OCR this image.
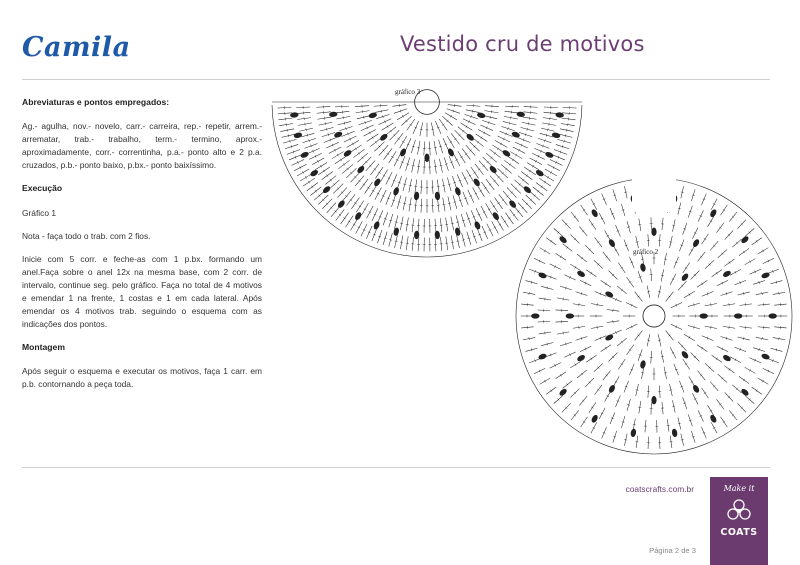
Camila	Vestido cru de motivos
Abreviaturas e pontos empregados:

Ag.- agulha, nov.- novelo, carr.- carreira, rep.- repetir, arrem.- arrematar, trab.- trabalho, term.- termino, aprox.- aproximadamente, corr.- correntinha, p.a.- ponto alto e 2 p.a. cruzados, p.b.- ponto baixo, p.bx.- ponto baixíssimo.

Execução

Gráfico 1

Nota - faça todo o trab. com 2 fios.

Inicie com 5 corr. e feche-as com 1 p.bx. formando um anel.Faça sobre o anel 12x na mesma base, com 2 corr. de intervalo, continue seg. pelo gráfico. Faça no total de 4 motivos e emendar 1 na frente, 1 costas e 1 em cada lateral. Após emendar os 4 motivos trab. seguindo o esquema com as indicações dos pontos.

Montagem

Após seguir o esquema e executar os motivos, faça 1 carr. em p.b. contornando a peça toda.

gráfico 3
gráfico 2
coatscrafts.com.br
Página 2 de 3
Make it
COATS
